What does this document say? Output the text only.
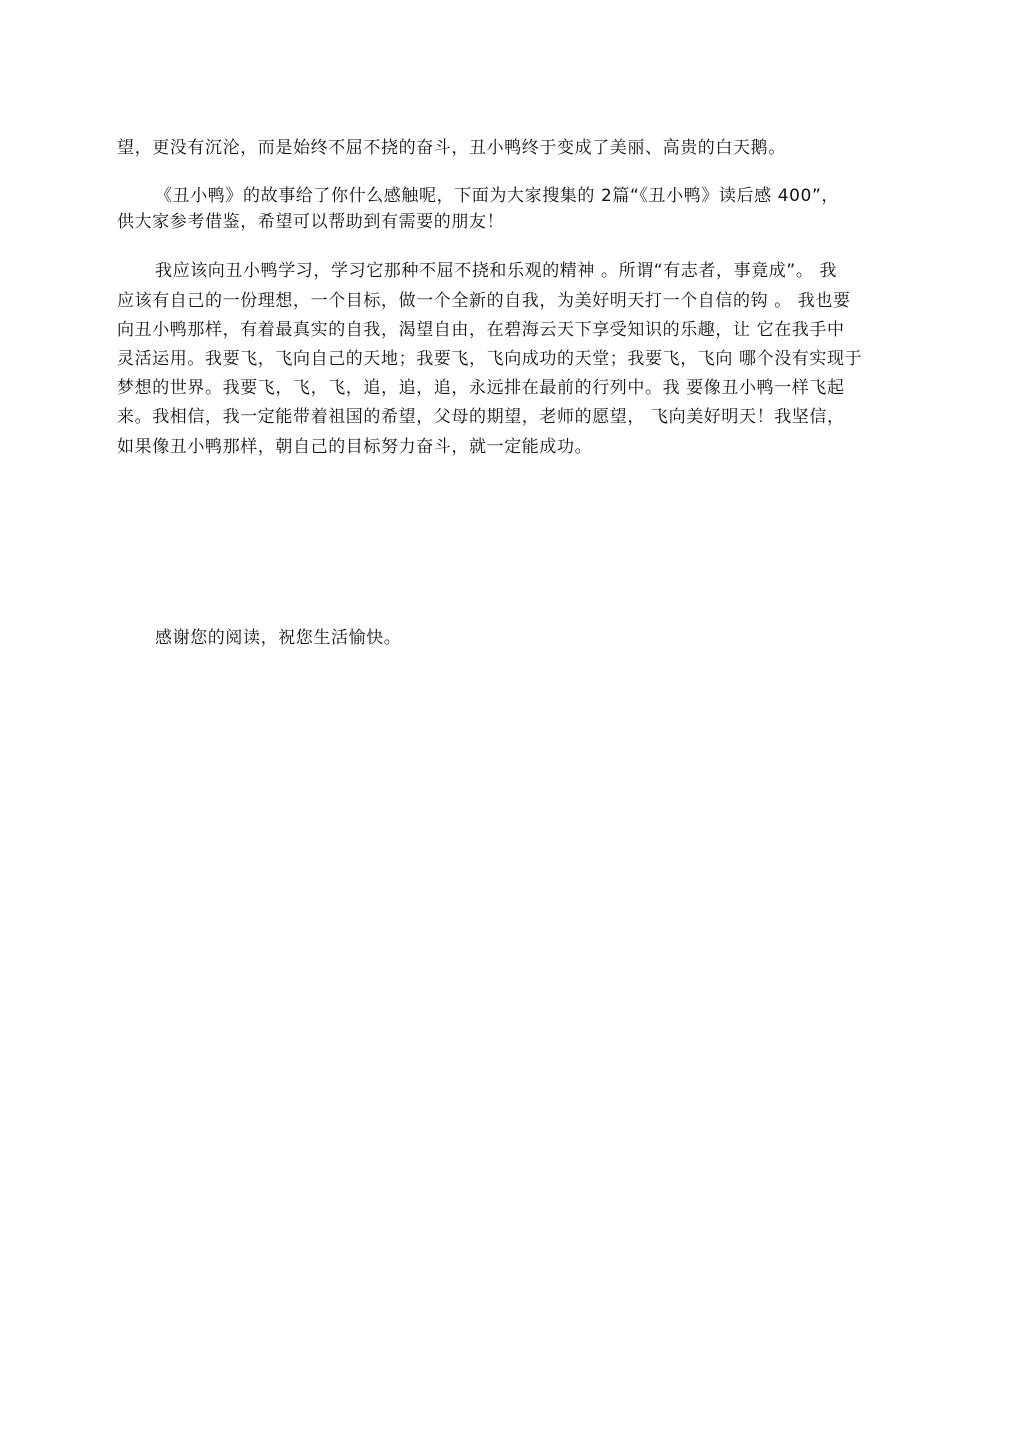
望，更没有沉沦，而是始终不屈不挠的奋斗，丑小鸭终于变成了美丽、高贵的白天鹅。
《丑小鸭》的故事给了你什么感触呢，下面为大家搜集的 2篇“《丑小鸭》读后感 400”，
供大家参考借鉴，希望可以帮助到有需要的朋友！
我应该向丑小鸭学习，学习它那种不屈不挠和乐观的精神 。所谓“有志者，事竟成”。 我
应该有自己的一份理想，一个目标，做一个全新的自我，为美好明天打一个自信的钩 。 我也要
向丑小鸭那样，有着最真实的自我，渴望自由，在碧海云天下享受知识的乐趣，让 它在我手中
灵活运用。我要飞，飞向自己的天地；我要飞，飞向成功的天堂；我要飞，飞向 哪个没有实现于
梦想的世界。我要飞，飞，飞，追，追，追，永远排在最前的行列中。我 要像丑小鸭一样飞起
来。我相信，我一定能带着祖国的希望，父母的期望，老师的愿望， 飞向美好明天！我坚信，
如果像丑小鸭那样，朝自己的目标努力奋斗，就一定能成功。
感谢您的阅读，祝您生活愉快。
